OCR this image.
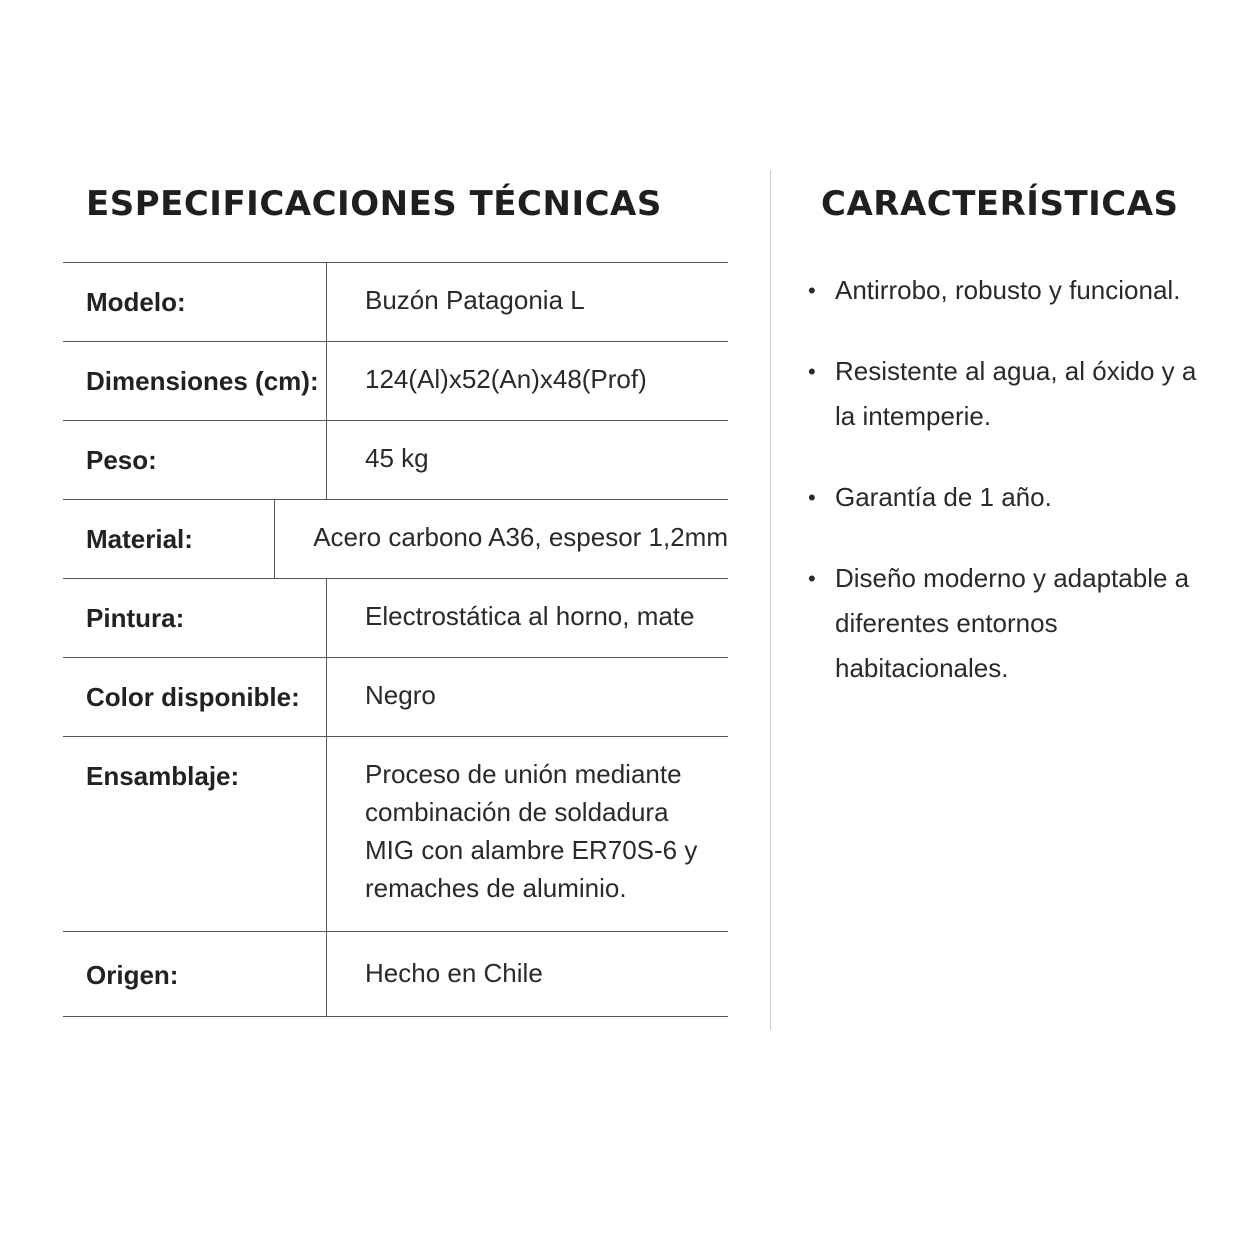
ESPECIFICACIONES TÉCNICAS
Modelo:	Buzón Patagonia L
Dimensiones (cm):	124(Al)x52(An)x48(Prof)
Peso:	45 kg
Material:	Acero carbono A36, espesor 1,2mm
Pintura:	Electrostática al horno, mate
Color disponible:	Negro
Ensamblaje:	Proceso de unión mediante combinación de soldadura MIG con alambre ER70S-6 y remaches de aluminio.
Origen:	Hecho en Chile
CARACTERÍSTICAS
• Antirrobo, robusto y funcional.
• Resistente al agua, al óxido y a la intemperie.
• Garantía de 1 año.
• Diseño moderno y adaptable a diferentes entornos habitacionales.
